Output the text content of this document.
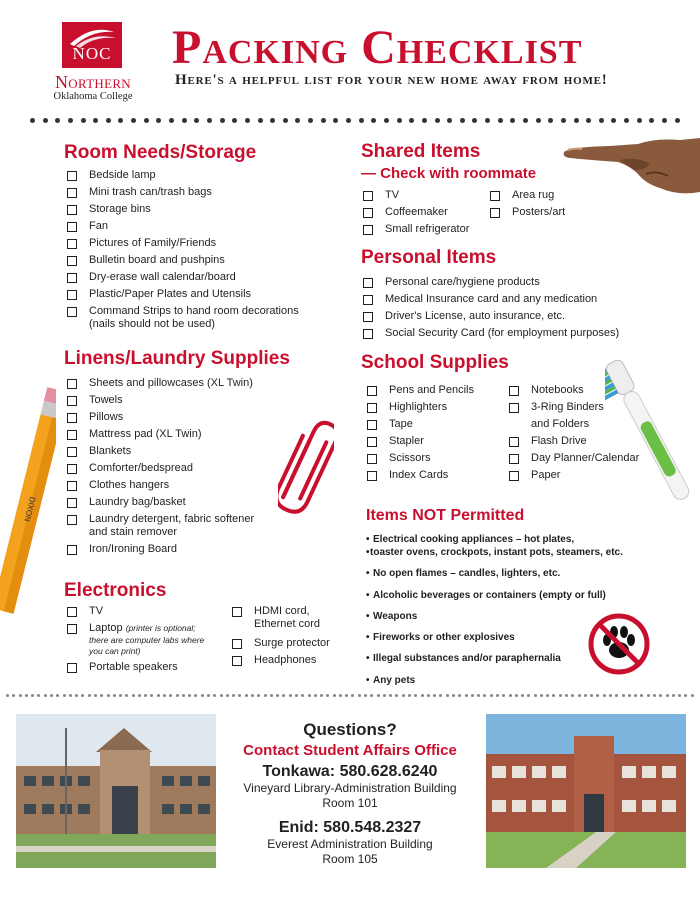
NOC
Northern
Oklahoma College
Packing Checklist
Here's a helpful list for your new home away from home!
Room Needs/Storage
Bedside lamp
Mini trash can/trash bags
Storage bins
Fan
Pictures of Family/Friends
Bulletin board and pushpins
Dry-erase wall calendar/board
Plastic/Paper Plates and Utensils
Command Strips to hand room decorations
(nails should not be used)
Linens/Laundry Supplies
Sheets and pillowcases (XL Twin)
Towels
Pillows
Mattress pad (XL Twin)
Blankets
Comforter/bedspread
Clothes hangers
Laundry bag/basket
Laundry detergent, fabric softener
and stain remover
Iron/Ironing Board
Electronics
TV
Laptop (printer is optional;
there are computer labs where
you can print)
Portable speakers
HDMI cord,
Ethernet cord
Surge protector
Headphones
Shared Items
— Check with roommate
TV
Coffeemaker
Small refrigerator
Area rug
Posters/art
Personal Items
Personal care/hygiene products
Medical Insurance card and any medication
Driver's License, auto insurance, etc.
Social Security Card (for employment purposes)
School Supplies
Pens and Pencils
Highlighters
Tape
Stapler
Scissors
Index Cards
Notebooks
3-Ring Binders
and Folders
Flash Drive
Day Planner/Calendar
Paper
Items NOT Permitted
• Electrical cooking appliances – hot plates,
• toaster ovens, crockpots, instant pots, steamers, etc.
• No open flames – candles, lighters, etc.
• Alcoholic beverages or containers (empty or full)
• Weapons
• Fireworks or other explosives
• Illegal substances and/or paraphernalia
• Any pets
DIXON
Questions?
Contact Student Affairs Office
Tonkawa: 580.628.6240
Vineyard Library-Administration Building
Room 101
Enid: 580.548.2327
Everest Administration Building
Room 105
